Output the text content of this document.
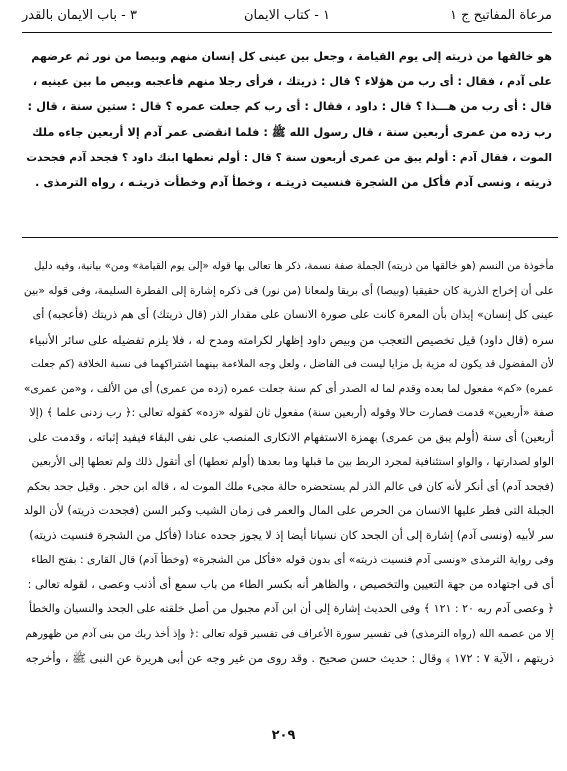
مرعاة المفاتيح ج ١
١ - كتاب الايمان
٣ - باب الايمان بالقدر
هو خالقها من ذريته إلى يوم القيامة ، وجعل بين عينى كل إنسان منهم وبيصا من نور ثم عرضهم
على آدم ، فقال : أى رب من هؤلاء ؟ قال : ذريتك ، فرأى رجلا منهم فأعجبه وبيص ما بين عينيه ،
قال : أى رب من هـــذا ؟ قال : داود ، فقال : أى رب كم جعلت عمره ؟ قال : ستين سنة ، قال :
رب زده من عمرى أربعين سنة ، قال رسول الله ﷺ : فلما انقضى عمر آدم إلا أربعين جاءه ملك
الموت ، فقال آدم : أولم يبق من عمرى أربعون سنة ؟ قال : أولم تعطها ابنك داود ؟ فجحد آدم فجحدت
ذريته ، ونسى آدم فأكل من الشجرة فنسيت ذريتـه ، وخطأ آدم وخطأت ذريتـه ، رواه الترمذى .
مأخوذة من النسم (هو خالقها من ذريته) الجملة صفة نسمة، ذكر ها تعالى بها قوله «إلى يوم القيامة» ومن» بيانية، وفيه دليل
على أن إخراج الذرية كان حقيقيا (وبيصا) أى بريقا ولمعانا (من نور) فى ذكره إشارة إلى الفطرة السليمة، وفى قوله «بين
عينى كل إنسان» إيذان بأن المعرة كانت على صورة الانسان على مقدار الذر (قال ذريتك) أى هم ذريتك (فأعجبه) أى
سره (قال داود) قيل تخصيص التعجب من وبيص داود إظهار لكرامته ومدح له ، فلا يلزم تفضيله على سائر الأنبياء
لأن المفضول قد يكون له مزية بل مزايا ليست فى الفاضل ، ولعل وجه الملاءمة بينهما اشتراكهما فى نسبة الخلافة (كم جعلت
عمره) «كم» مفعول لما بعده وقدم لما له الصدر أى كم سنة جعلت عمره (زده من عمرى) أى من الألف ، و«من عمرى»
صفة «أربعين» قدمت فصارت حالا وقوله (أربعين سنة) مفعول ثان لقوله «زده» كقوله تعالى :﴿ رب زدنى علما ﴾ (إلا
أربعين) أى سنة (أولم يبق من عمرى) بهمزة الاستفهام الانكارى المنصب على نفى البقاء فيفيد إثباته ، وقدمت على
الواو لصدارتها ، والواو استئنافية لمجرد الربط بين ما قبلها وما بعدها (أولم تعطها) أى أتقول ذلك ولم تعطها إلى الأربعين
(فجحد آدم) أى أنكر لأنه كان فى عالم الذر لم يستحضره حالة مجىء ملك الموت له ، قاله ابن حجر . وقيل جحد بحكم
الجبلة التى فطر عليها الانسان من الحرص على المال والعمر فى زمان الشيب وكبر السن (فجحدت ذريته) لأن الولد
سر لأبيه (ونسى آدم) إشارة إلى أن الجحد كان نسيانا أيضا إذ لا يجوز جحده عنادا (فأكل من الشجرة فنسيت ذريته)
وفى رواية الترمذى «ونسى آدم فنسيت ذريته» أى بدون قوله «فأكل من الشجرة» (وخطأ آدم) قال القارى : بفتح الطاء
أى فى اجتهاده من جهة التعيين والتخصيص ، والظاهر أنه بكسر الطاء من باب سمع أى أذنب وعصى ، لقوله تعالى :
﴿ وعصى آدم ربه ٢٠ : ١٢١ ﴾ وفى الحديث إشارة إلى أن ابن آدم مجبول من أصل خلقته على الجحد والنسيان والخطأ
إلا من عصمه الله (رواه الترمذى) فى تفسير سورة الأعراف فى تفسير قوله تعالى :﴿ وإذ أخذ ربك من بنى آدم من ظهورهم
ذريتهم ، الآية ٧ : ١٧٢ ﴾ وقال : حديث حسن صحيح . وقد روى من غير وجه عن أبى هريرة عن النبى ﷺ ، وأخرجه
٢٠٩
